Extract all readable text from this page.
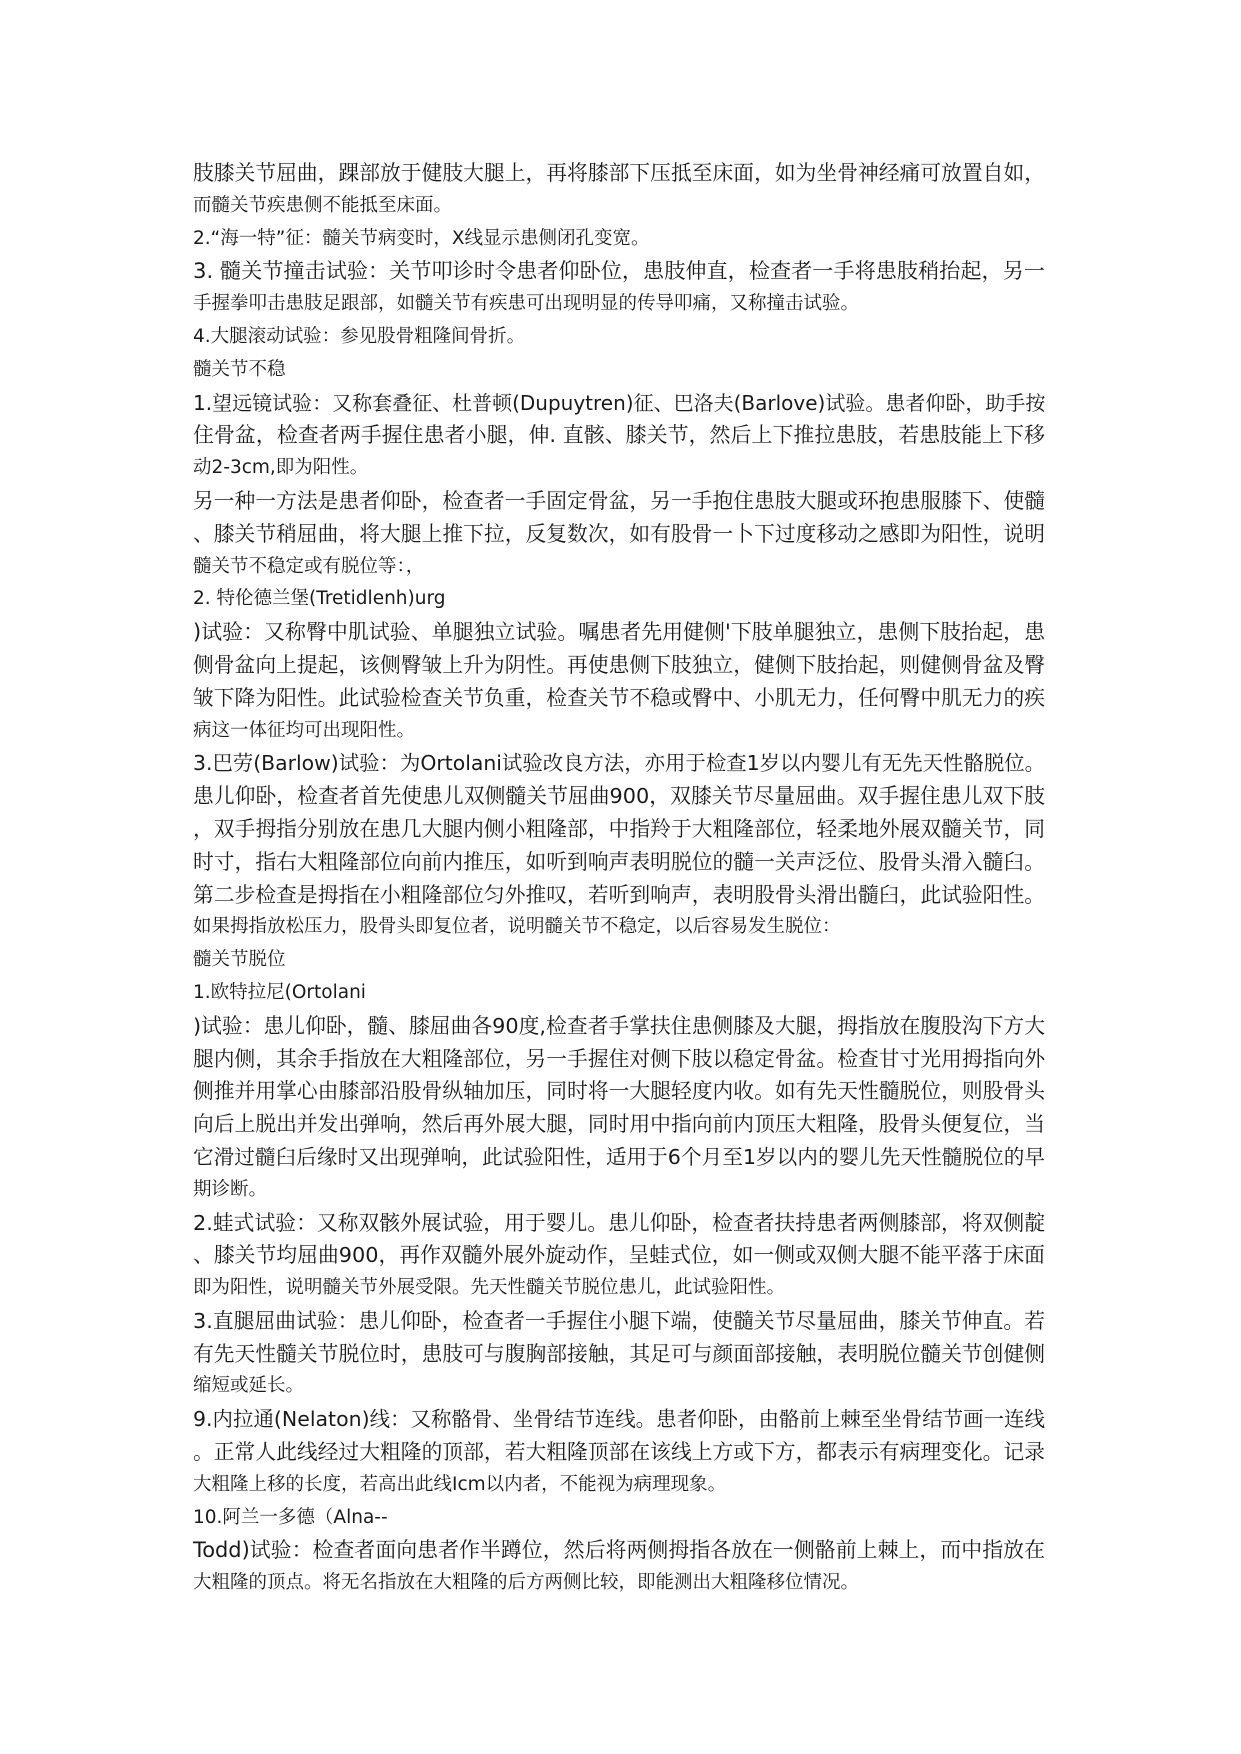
肢膝关节屈曲，踝部放于健肢大腿上，再将膝部下压抵至床面，如为坐骨神经痛可放置自如，
而髓关节疾患侧不能抵至床面。
2.“海一特”征：髓关节病变时，X线显示患侧闭孔变宽。
3. 髓关节撞击试验：关节叩诊时令患者仰卧位，患肢伸直，检查者一手将患肢稍抬起，另一
手握拳叩击患肢足跟部，如髓关节有疾患可出现明显的传导叩痛，又称撞击试验。
4.大腿滚动试验：参见股骨粗隆间骨折。
髓关节不稳
1.望远镜试验：又称套叠征、杜普顿(Dupuytren)征、巴洛夫(Barlove)试验。患者仰卧，助手按
住骨盆，检查者两手握住患者小腿，伸. 直骸、膝关节，然后上下推拉患肢，若患肢能上下移
动2-3cm,即为阳性。
另一种一方法是患者仰卧，检查者一手固定骨盆，另一手抱住患肢大腿或环抱患服膝下、使髓
、膝关节稍屈曲，将大腿上推下拉，反复数次，如有股骨一卜下过度移动之感即为阳性，说明
髓关节不稳定或有脱位等：，
2. 特伦德兰堡(Tretidlenh)urg
)试验：又称臀中肌试验、单腿独立试验。嘱患者先用健侧'下肢单腿独立，患侧下肢抬起，患
侧骨盆向上提起，该侧臀皱上升为阴性。再使患侧下肢独立，健侧下肢抬起，则健侧骨盆及臀
皱下降为阳性。此试验检查关节负重，检查关节不稳或臀中、小肌无力，任何臀中肌无力的疾
病这一体征均可出现阳性。
3.巴劳(Barlow)试验：为Ortolani试验改良方法，亦用于检查1岁以内婴儿有无先天性骼脱位。
患儿仰卧，检查者首先使患儿双侧髓关节屈曲900，双膝关节尽量屈曲。双手握住患儿双下肢
，双手拇指分别放在患几大腿内侧小粗隆部，中指羚于大粗隆部位，轻柔地外展双髓关节，同
时寸，指右大粗隆部位向前内推压，如听到响声表明脱位的髓一关声泛位、股骨头滑入髓臼。
第二步检查是拇指在小粗隆部位匀外推叹，若听到响声，表明股骨头滑出髓臼，此试验阳性。
如果拇指放松压力，股骨头即复位者，说明髓关节不稳定，以后容易发生脱位：
髓关节脱位
1.欧特拉尼(Ortolani
)试验：患儿仰卧，髓、膝屈曲各90度,检查者手掌扶住患侧膝及大腿，拇指放在腹股沟下方大
腿内侧，其余手指放在大粗隆部位，另一手握住对侧下肢以稳定骨盆。检查甘寸光用拇指向外
侧推并用掌心由膝部沿股骨纵轴加压，同时将一大腿轻度内收。如有先天性髓脱位，则股骨头
向后上脱出并发出弹响，然后再外展大腿，同时用中指向前内顶压大粗隆，股骨头便复位，当
它滑过髓臼后缘时又出现弹响，此试验阳性，适用于6个月至1岁以内的婴儿先天性髓脱位的早
期诊断。
2.蛙式试验：又称双骸外展试验，用于婴儿。患儿仰卧，检查者扶持患者两侧膝部，将双侧靛
、膝关节均屈曲900，再作双髓外展外旋动作，呈蛙式位，如一侧或双侧大腿不能平落于床面
即为阳性，说明髓关节外展受限。先天性髓关节脱位患儿，此试验阳性。
3.直腿屈曲试验：患儿仰卧，检查者一手握住小腿下端，使髓关节尽量屈曲，膝关节伸直。若
有先天性髓关节脱位时，患肢可与腹胸部接触，其足可与颜面部接触，表明脱位髓关节创健侧
缩短或延长。
9.内拉通(Nelaton)线：又称骼骨、坐骨结节连线。患者仰卧，由骼前上棘至坐骨结节画一连线
。正常人此线经过大粗隆的顶部，若大粗隆顶部在该线上方或下方，都表示有病理变化。记录
大粗隆上移的长度，若高出此线Icm以内者，不能视为病理现象。
10.阿兰一多德（Alna--
Todd)试验：检查者面向患者作半蹲位，然后将两侧拇指各放在一侧骼前上棘上，而中指放在
大粗隆的顶点。将无名指放在大粗隆的后方两侧比较，即能测出大粗隆移位情况。
